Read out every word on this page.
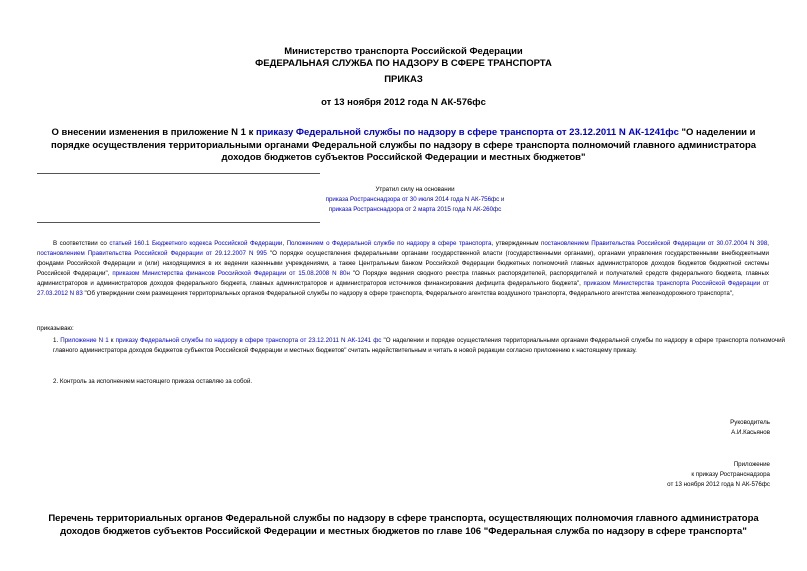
Министерство транспорта Российской Федерации
ФЕДЕРАЛЬНАЯ СЛУЖБА ПО НАДЗОРУ В СФЕРЕ ТРАНСПОРТА
ПРИКАЗ
от 13 ноября 2012 года N АК-576фс
О внесении изменения в приложение N 1 к приказу Федеральной службы по надзору в сфере транспорта от 23.12.2011 N АК-1241фс "О наделении и порядке осуществления территориальными органами Федеральной службы по надзору в сфере транспорта полномочий главного администратора доходов бюджетов субъектов Российской Федерации и местных бюджетов"
Утратил силу на основании
приказа Ространснадзора от 30 июля 2014 года N АК-756фс и
приказа Ространснадзора от 2 марта 2015 года N АК-260фс
В соответствии со статьей 160.1 Бюджетного кодекса Российской Федерации, Положением о Федеральной службе по надзору в сфере транспорта, утвержденным постановлением Правительства Российской Федерации от 30.07.2004 N 398, постановлением Правительства Российской Федерации от 29.12.2007 N 995 "О порядке осуществления федеральными органами государственной власти (государственными органами), органами управления государственными внебюджетными фондами Российской Федерации и (или) находящимися в их ведении казенными учреждениями, а также Центральным банком Российской Федерации бюджетных полномочий главных администраторов доходов бюджетов бюджетной системы Российской Федерации", приказом Министерства финансов Российской Федерации от 15.08.2008 N 80н "О Порядке ведения сводного реестра главных распорядителей, распорядителей и получателей средств федерального бюджета, главных администраторов и администраторов доходов федерального бюджета, главных администраторов и администраторов источников финансирования дефицита федерального бюджета", приказом Министерства транспорта Российской Федерации от 27.03.2012 N 83 "Об утверждении схем размещения территориальных органов Федеральной службы по надзору в сфере транспорта, Федерального агентства воздушного транспорта, Федерального агентства железнодорожного транспорта",
приказываю:
1. Приложение N 1 к приказу Федеральной службы по надзору в сфере транспорта от 23.12.2011 N АК-1241 фс "О наделении и порядке осуществления территориальными органами Федеральной службы по надзору в сфере транспорта полномочий главного администратора доходов бюджетов субъектов Российской Федерации и местных бюджетов" считать недействительным и читать в новой редакции согласно приложению к настоящему приказу.
2. Контроль за исполнением настоящего приказа оставляю за собой.
Руководитель
А.И.Касьянов
Приложение
к приказу Ространснадзора
от 13 ноября 2012 года N АК-576фс
Перечень территориальных органов Федеральной службы по надзору в сфере транспорта, осуществляющих полномочия главного администратора доходов бюджетов субъектов Российской Федерации и местных бюджетов по главе 106 "Федеральная служба по надзору в сфере транспорта"
